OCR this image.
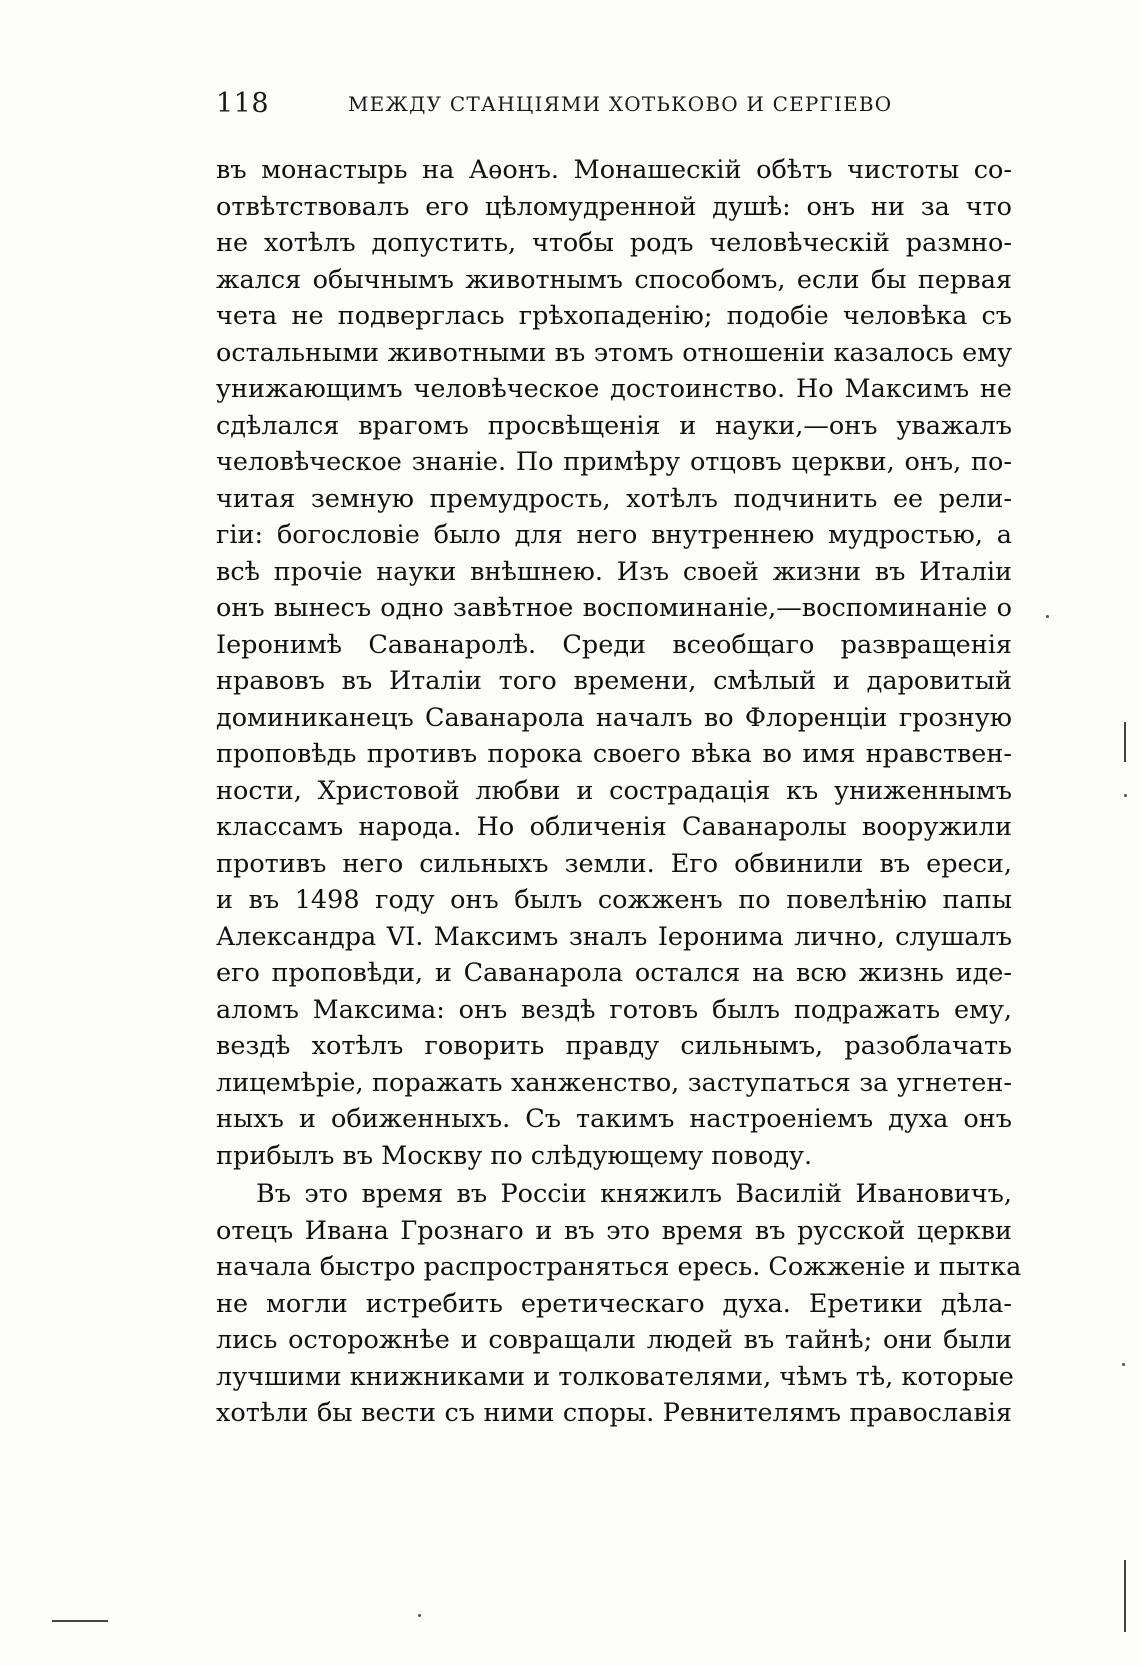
118	МЕЖДУ СТАНЦІЯМИ ХОТЬКОВО И СЕРГІЕВО
въ монастырь на Аѳонъ. Монашескій обѣтъ чистоты со-
отвѣтствовалъ его цѣломудренной душѣ: онъ ни за что
не хотѣлъ допустить, чтобы родъ человѣческій размно-
жался обычнымъ животнымъ способомъ, если бы первая
чета не подверглась грѣхопаденію; подобіе человѣка съ
остальными животными въ этомъ отношеніи казалось ему
унижающимъ человѣческое достоинство. Но Максимъ не
сдѣлался врагомъ просвѣщенія и науки,—онъ уважалъ
человѣческое знаніе. По примѣру отцовъ церкви, онъ, по-
читая земную премудрость, хотѣлъ подчинить ее рели-
гіи: богословіе было для него внутреннею мудростью, а
всѣ прочіе науки внѣшнею. Изъ своей жизни въ Италіи
онъ вынесъ одно завѣтное воспоминаніе,—воспоминаніе о
Іеронимѣ Саванаролѣ. Среди всеобщаго развращенія
нравовъ въ Италіи того времени, смѣлый и даровитый
доминиканецъ Саванарола началъ во Флоренціи грозную
проповѣдь противъ порока своего вѣка во имя нравствен-
ности, Христовой любви и сострадація къ униженнымъ
классамъ народа. Но обличенія Саванаролы вооружили
противъ него сильныхъ земли. Его обвинили въ ереси,
и въ 1498 году онъ былъ сожженъ по повелѣнію папы
Александра VI. Максимъ зналъ Іеронима лично, слушалъ
его проповѣди, и Саванарола остался на всю жизнь иде-
аломъ Максима: онъ вездѣ готовъ былъ подражать ему,
вездѣ хотѣлъ говорить правду сильнымъ, разоблачать
лицемѣріе, поражать ханженство, заступаться за угнетен-
ныхъ и обиженныхъ. Съ такимъ настроеніемъ духа онъ
прибылъ въ Москву по слѣдующему поводу.
Въ это время въ Россіи княжилъ Василій Ивановичъ,
отецъ Ивана Грознаго и въ это время въ русской церкви
начала быстро распространяться ересь. Сожженіе и пытка
не могли истребить еретическаго духа. Еретики дѣла-
лись осторожнѣе и совращали людей въ тайнѣ; они были
лучшими книжниками и толкователями, чѣмъ тѣ, которые
хотѣли бы вести съ ними споры. Ревнителямъ православія
